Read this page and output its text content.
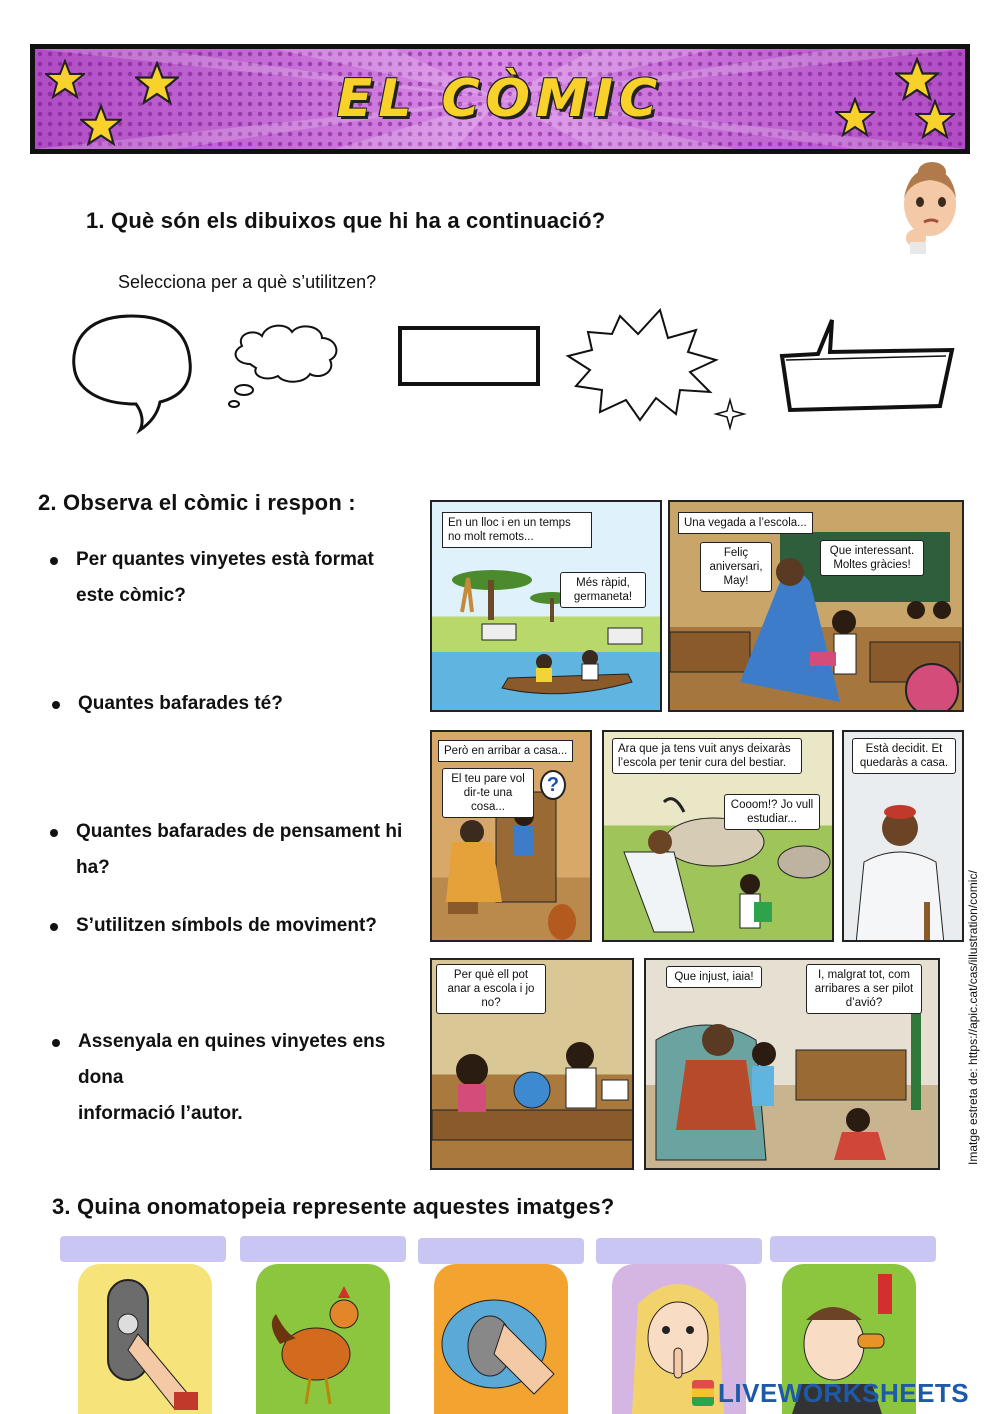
EL CÒMIC
1. Què són els dibuixos que hi ha a continuació?
Selecciona per a què s’utilitzen?
2. Observa el còmic i respon :
Per quantes vinyetes està format
este còmic?
Quantes bafarades té?
Quantes bafarades de pensament hi ha?
S’utilitzen símbols de moviment?
Assenyala en quines vinyetes ens dona
informació l’autor.
En un lloc i en un temps no molt remots...
Més ràpid, germaneta!
Una vegada a l’escola...
Feliç aniversari, May!
Que interessant. Moltes gràcies!
Però en arribar a casa...
El teu pare vol dir-te una cosa...
?
Ara que ja tens vuit anys deixaràs l’escola per tenir cura del bestiar.
Cooom!? Jo vull estudiar...
Està decidit. Et quedaràs a casa.
Per què ell pot anar a escola i jo no?
Que injust, iaia!	I, malgrat tot, com arribares a ser pilot d’avió?	Imatge estreta de: https://apic.cat/cas/illustration/comic/
3. Quina onomatopeia represente aquestes imatges?
LIVEWORKSHEETS
